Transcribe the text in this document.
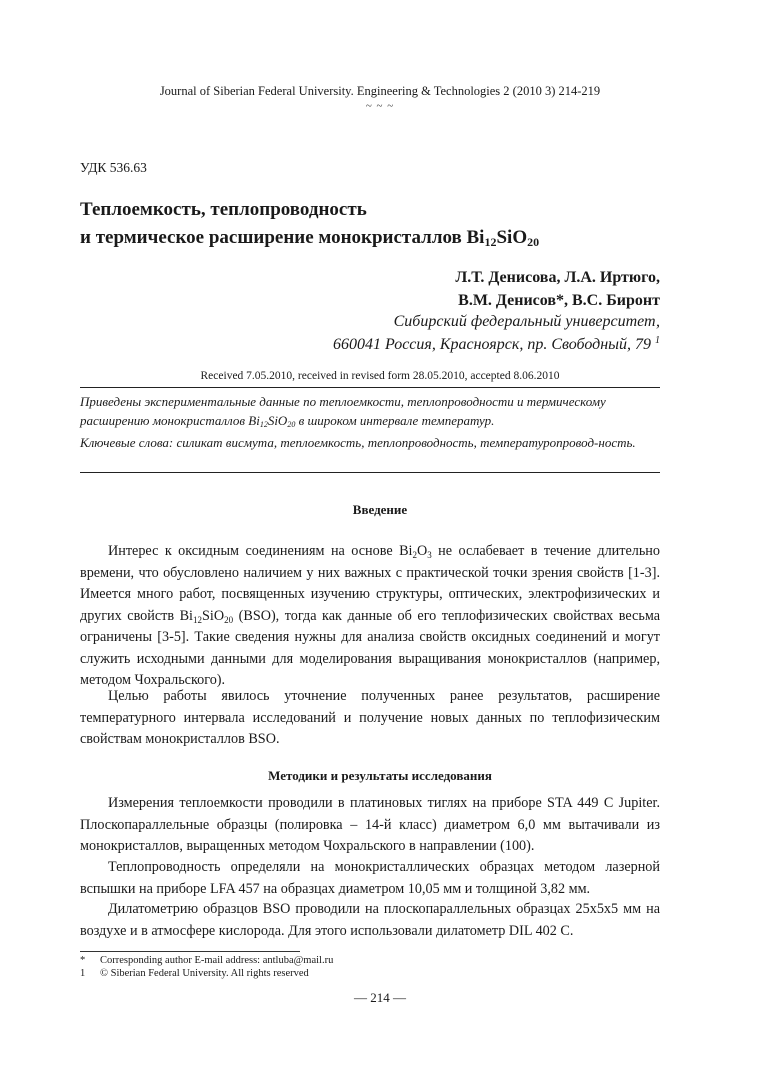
Journal of Siberian Federal University. Engineering & Technologies 2 (2010 3) 214-219
~ ~ ~
УДК 536.63
Теплоемкость, теплопроводность
и термическое расширение монокристаллов $Bi_{12}SiO_{20}$
Л.Т. Денисова, Л.А. Иртюго,
В.М. Денисов*, В.С. Биронт
Сибирский федеральный университет,
660041 Россия, Красноярск, пр. Свободный, 79 $^1$
Received 7.05.2010, received in revised form 28.05.2010, accepted 8.06.2010
Приведены экспериментальные данные по теплоемкости, теплопроводности и термическому расширению монокристаллов $Bi_{12}SiO_{20}$ в широком интервале температур.
Ключевые слова: силикат висмута, теплоемкость, теплопроводность, температуропровод-ность.
Введение
Интерес к оксидным соединениям на основе $Bi_2O_3$ не ослабевает в течение длительно времени, что обусловлено наличием у них важных с практической точки зрения свойств [1-3]. Имеется много работ, посвященных изучению структуры, оптических, электрофизических и других свойств $Bi_{12}SiO_{20}$ (BSO), тогда как данные об его теплофизических свойствах весьма ограничены [3-5]. Такие сведения нужны для анализа свойств оксидных соединений и могут служить исходными данными для моделирования выращивания монокристаллов (например, методом Чохральского).
Целью работы явилось уточнение полученных ранее результатов, расширение температурного интервала исследований и получение новых данных по теплофизическим свойствам монокристаллов BSO.
Методики и результаты исследования
Измерения теплоемкости проводили в платиновых тиглях на приборе STA 449 C Jupiter. Плоскопараллельные образцы (полировка – 14-й класс) диаметром 6,0 мм вытачивали из монокристаллов, выращенных методом Чохральского в направлении (100).
Теплопроводность определяли на монокристаллических образцах методом лазерной вспышки на приборе LFA 457 на образцах диаметром 10,05 мм и толщиной 3,82 мм.
Дилатометрию образцов BSO проводили на плоскопараллельных образцах 25х5х5 мм на воздухе и в атмосфере кислорода. Для этого использовали дилатометр DIL 402 C.
* Corresponding author E-mail address: antluba@mail.ru
1 © Siberian Federal University. All rights reserved
— 214 —
